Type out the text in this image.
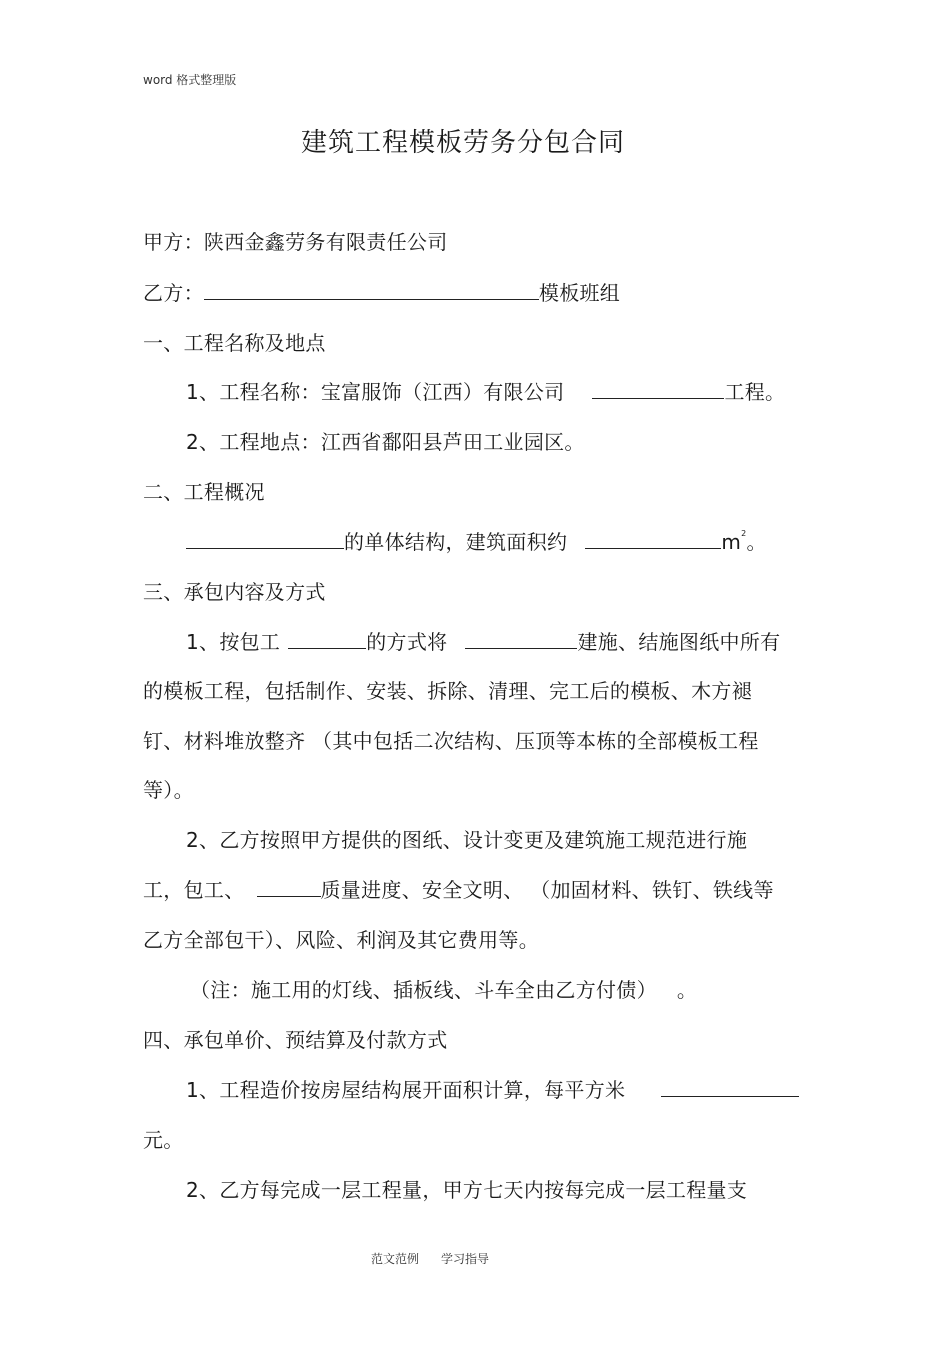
word 格式整理版
建筑工程模板劳务分包合同
甲方：陕西金鑫劳务有限责任公司
乙方：	模板班组
一、工程名称及地点
1、工程名称：宝富服饰（江西）有限公司	工程。
2、工程地点：江西省鄱阳县芦田工业园区。
二、工程概况
的单体结构，建筑面积约	$m^2$。
三、承包内容及方式
1、按包工	的方式将	建施、结施图纸中所有
的模板工程，包括制作、安装、拆除、清理、完工后的模板、木方褪
钉、材料堆放整齐 （其中包括二次结构、压顶等本栋的全部模板工程
等）。
2、乙方按照甲方提供的图纸、设计变更及建筑施工规范进行施
工，包工、	质量进度、安全文明、 （加固材料、铁钉、铁线等
乙方全部包干）、风险、利润及其它费用等。
（注：施工用的灯线、插板线、斗车全由乙方付债） 。
四、承包单价、预结算及付款方式
1、工程造价按房屋结构展开面积计算，每平方米
元。
2、乙方每完成一层工程量，甲方七天内按每完成一层工程量支
范文范例 学习指导
